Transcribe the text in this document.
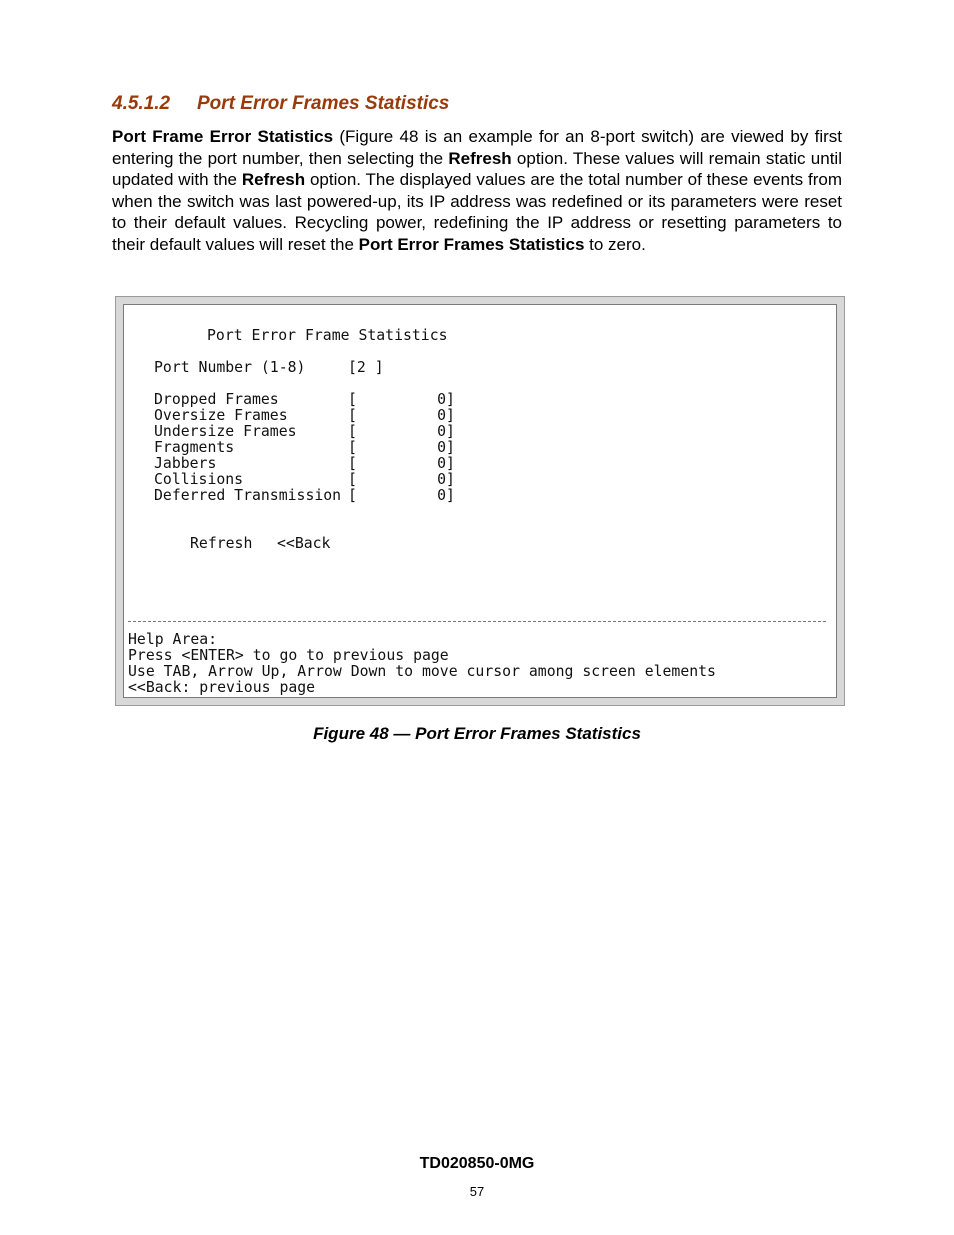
4.5.1.2 Port Error Frames Statistics

Port Frame Error Statistics (Figure 48 is an example for an 8-port switch) are viewed by first entering the port number, then selecting the Refresh option. These values will remain static until updated with the Refresh option. The displayed values are the total number of these events from when the switch was last powered-up, its IP address was redefined or its parameters were reset to their default values. Recycling power, redefining the IP address or resetting parameters to their default values will reset the Port Error Frames Statistics to zero.

Port Error Frame Statistics
Port Number (1-8)	[2 ]
Dropped Frames	[         0]
Oversize Frames	[         0]
Undersize Frames	[         0]
Fragments	[         0]
Jabbers	[         0]
Collisions	[         0]
Deferred Transmission [         0]
Refresh <<Back
Help Area:
Press <ENTER> to go to previous page
Use TAB, Arrow Up, Arrow Down to move cursor among screen elements
<<Back: previous page

Figure 48 — Port Error Frames Statistics

TD020850-0MG
57
